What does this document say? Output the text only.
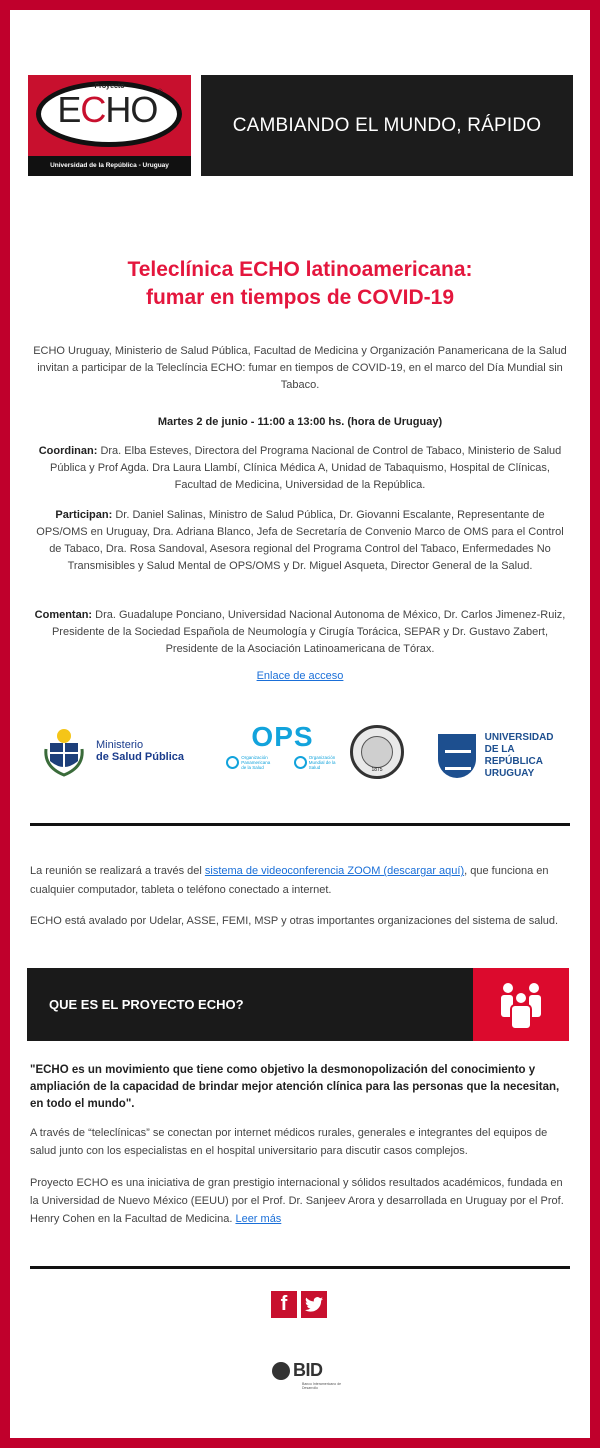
Proyecto
ECHO®
Universidad de la República - Uruguay
CAMBIANDO EL MUNDO, RÁPIDO
Teleclínica ECHO latinoamericana:
fumar en tiempos de COVID-19

ECHO Uruguay, Ministerio de Salud Pública, Facultad de Medicina y Organización Panamericana de la Salud invitan a participar de la Teleclíncia ECHO: fumar en tiempos de COVID-19, en el marco del Día Mundial sin Tabaco.

Martes 2 de junio - 11:00 a 13:00 hs. (hora de Uruguay)

Coordinan: Dra. Elba Esteves, Directora del Programa Nacional de Control de Tabaco, Ministerio de Salud Pública y Prof Agda. Dra Laura Llambí, Clínica Médica A, Unidad de Tabaquismo, Hospital de Clínicas, Facultad de Medicina, Universidad de la República.

Participan: Dr. Daniel Salinas, Ministro de Salud Pública, Dr. Giovanni Escalante, Representante de OPS/OMS en Uruguay, Dra. Adriana Blanco, Jefa de Secretaría de Convenio Marco de OMS para el Control de Tabaco, Dra. Rosa Sandoval, Asesora regional del Programa Control del Tabaco, Enfermedades No Transmisibles y Salud Mental de OPS/OMS y Dr. Miguel Asqueta, Director General de la Salud.

Comentan: Dra. Guadalupe Ponciano, Universidad Nacional Autonoma de México, Dr. Carlos Jimenez-Ruiz, Presidente de la Sociedad Española de Neumología y Cirugía Torácica, SEPAR y Dr. Gustavo Zabert, Presidente de la Asociación Latinoamericana de Tórax.

Enlace de acceso

Ministerio
de Salud Pública
OPS
Organización Panamericana de la Salud
Organización Mundial de la Salud	1875
UNIVERSIDAD
DE LA REPÚBLICA
URUGUAY

La reunión se realizará a través del sistema de videoconferencia ZOOM (descargar aquí), que funciona en cualquier computador, tableta o teléfono conectado a internet.

ECHO está avalado por Udelar, ASSE, FEMI, MSP y otras importantes organizaciones del sistema de salud.

QUE ES EL PROYECTO ECHO?

"ECHO es un movimiento que tiene como objetivo la desmonopolización del conocimiento y ampliación de la capacidad de brindar mejor atención clínica para las personas que la necesitan, en todo el mundo".

A través de “teleclínicas” se conectan por internet médicos rurales, generales e integrantes del equipos de salud junto con los especialistas en el hospital universitario para discutir casos complejos.

Proyecto ECHO es una iniciativa de gran prestigio internacional y sólidos resultados académicos, fundada en la Universidad de Nuevo México (EEUU) por el Prof. Dr. Sanjeev Arora y desarrollada en Uruguay por el Prof. Henry Cohen en la Facultad de Medicina. Leer más

f
BID
Banco Interamericano de Desarrollo
